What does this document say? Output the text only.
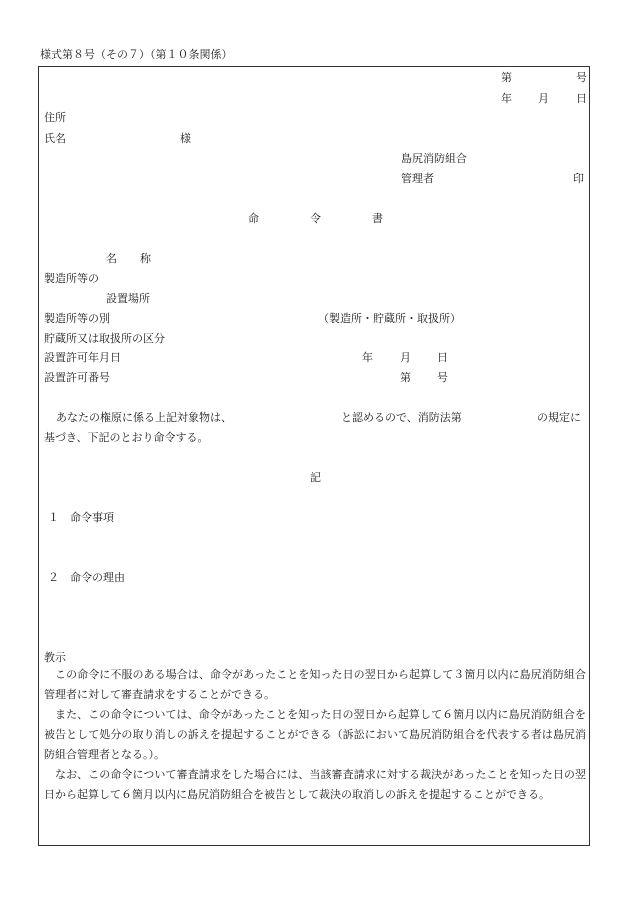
様式第８号（その７）（第１０条関係）
第	号
年 月 日
住所
氏名	様
島尻消防組合
管理者	印
命	令	書
名 称
製造所等の
設置場所
製造所等の別	（製造所・貯蔵所・取扱所）
貯蔵所又は取扱所の区分
設置許可年月日	年 月 日
設置許可番号	第 号
あなたの権原に係る上記対象物は、	と認めるので、消防法第	の規定に
基づき、下記のとおり命令する。
記
１　命令事項
２　命令の理由
教示
この命令に不服のある場合は、命令があったことを知った日の翌日から起算して３箇月以内に島尻消防組合管理者に対して審査請求をすることができる。
また、この命令については、命令があったことを知った日の翌日から起算して６箇月以内に島尻消防組合を被告として処分の取り消しの訴えを提起することができる（訴訟において島尻消防組合を代表する者は島尻消防組合管理者となる。）。
なお、この命令について審査請求をした場合には、当該審査請求に対する裁決があったことを知った日の翌日から起算して６箇月以内に島尻消防組合を被告として裁決の取消しの訴えを提起することができる。
